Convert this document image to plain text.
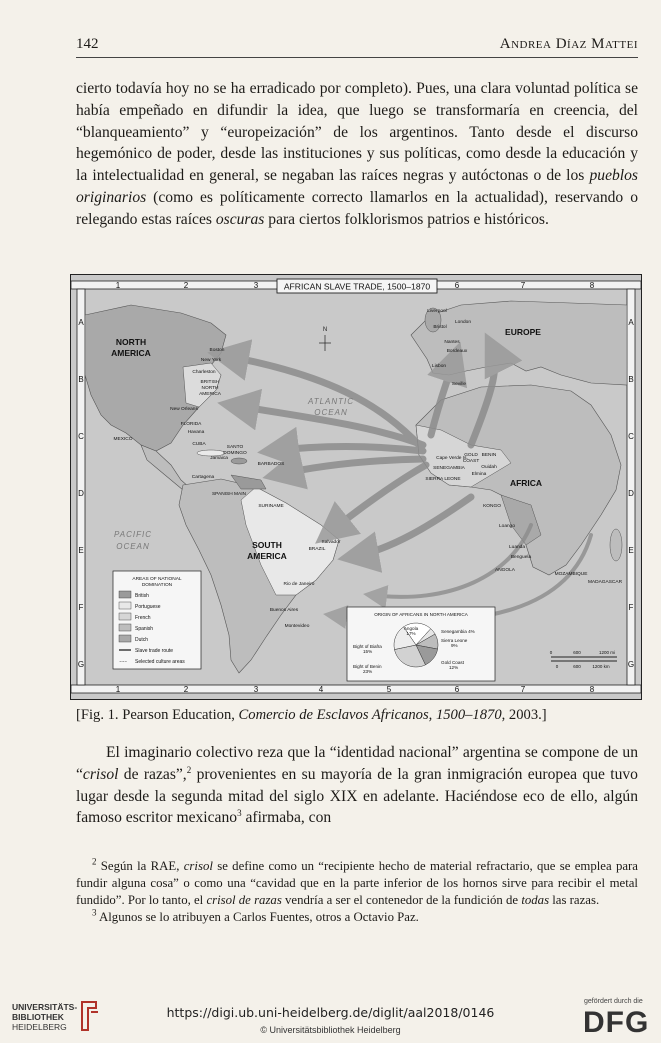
142	Andrea Díaz Mattei

cierto todavía hoy no se ha erradicado por completo). Pues, una clara voluntad política se había empeñado en difundir la idea, que luego se transformaría en creencia, del “blanqueamiento” y “europeización” de los argentinos. Tanto desde el discurso hegemónico de poder, desde las instituciones y sus políticas, como desde la educación y la intelectualidad en general, se negaban las raíces negras y autóctonas o de los pueblos originarios (como es políticamente correcto llamarlos en la actualidad), reservando o relegando estas raíces oscuras para ciertos folklorismos patrios e históricos.

1	2	3	6	7	8
1	2	3	4	5	6	7	8
A
B
C
D
E
F
G
A
B
C
D
E
F
G
AFRICAN SLAVE TRADE, 1500–1870
N
NORTH
AMERICA
SOUTH
AMERICA
EUROPE
AFRICA
ATLANTIC
OCEAN
PACIFIC
OCEAN
BRITISH
NORTH
AMERICA
MEXICO
FLORIDA
CUBA
SANTO
DOMINGO
BARBADOS
SPANISH MAIN
SURINAME
BRAZIL
SENEGAMBIA
Cape Verde Is.
GOLD
COAST
BENIN
SIERRA LEONE
KONGO
ANGOLA
MOZAMBIQUE
MADAGASCAR
New Orleans
Havana
Lisbon
Seville
Liverpool
Bristol
London
Nantes
Bordeaux
Rio de Janeiro
Buenos Aires
Montevideo
Salvador
Luanda
Benguela
Elmina
Ouidah
Loango
Charleston
Cartagena
Jamaica
Boston
New York
AREAS OF NATIONAL
DOMINATION
British
Portuguese
French
Spanish
Dutch
Slave trade route
~~~ Selected culture areas
ORIGIN OF AFRICANS IN NORTH AMERICA
Angola
17%	Senegambia 4%
Sierra Leone
9%
Gold Coast
12%
Bight of Benin
23%
Bight of Biafra
15%	0	600	1200 mi
0	600	1200 km
[Fig. 1. Pearson Education, Comercio de Esclavos Africanos, 1500–1870, 2003.]

El imaginario colectivo reza que la “identidad nacional” argentina se compone de un “crisol de razas”,$^2$ provenientes en su mayoría de la gran inmigración europea que tuvo lugar desde la segunda mitad del siglo XIX en adelante. Haciéndose eco de ello, algún famoso escritor mexicano$^3$ afirmaba, con

$^2$ Según la RAE, crisol se define como un “recipiente hecho de material refractario, que se emplea para fundir alguna cosa” o como una “cavidad que en la parte inferior de los hornos sirve para recibir el metal fundido”. Por lo tanto, el crisol de razas vendría a ser el contenedor de la fundición de todas las razas.

$^3$ Algunos se lo atribuyen a Carlos Fuentes, otros a Octavio Paz.

UNIVERSITÄTS-
BIBLIOTHEK
HEIDELBERG
https://digi.ub.uni-heidelberg.de/diglit/aal2018/0146
© Universitätsbibliothek Heidelberg
gefördert durch die
DFG
